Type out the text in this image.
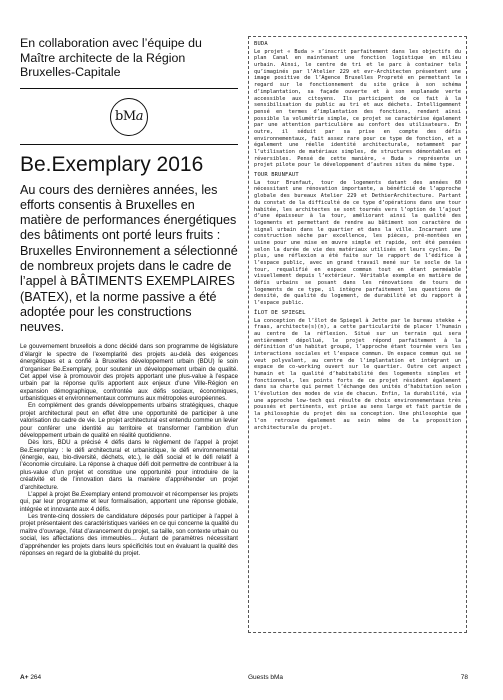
En collaboration avec l’équipe du Maître architecte de la Région Bruxelles-Capitale

b M a
Be.Exemplary 2016

Au cours des dernières années, les efforts consentis à Bruxelles en matière de performances énergétiques des bâtiments ont porté leurs fruits : Bruxelles Environnement a sélectionné de nombreux projets dans le cadre de l’appel à BÂTIMENTS EXEMPLAIRES (BATEX), et la norme passive a été adoptée pour les constructions neuves.

Le gouvernement bruxellois a donc décidé dans son programme de législature d’élargir le spectre de l’exemplarité des projets au-delà des exigences énergétiques et a confié à Bruxelles développement urbain (BDU) le soin d’organiser Be.Exemplary, pour soutenir un développement urbain de qualité. Cet appel vise à promouvoir des projets apportant une plus-value à l’espace urbain par la réponse qu’ils apportent aux enjeux d’une Ville-Région en expansion démographique, confrontée aux défis sociaux, économiques, urbanistiques et environnementaux communs aux métropoles européennes.

En complément des grands développements urbains stratégiques, chaque projet architectural peut en effet être une opportunité de participer à une valorisation du cadre de vie. Le projet architectural est entendu comme un levier pour conférer une identité au territoire et transformer l’ambition d’un développement urbain de qualité en réalité quotidienne.

Dès lors, BDU a précisé 4 défis dans le règlement de l’appel à projet Be.Exemplary : le défi architectural et urbanistique, le défi environnemental (énergie, eau, bio-diversité, déchets, etc.), le défi social et le défi relatif à l’économie circulaire. La réponse à chaque défi doit permettre de contribuer à la plus-value d’un projet et constitue une opportunité pour introduire de la créativité et de l’innovation dans la manière d’appréhender un projet d’architecture.

L’appel à projet Be.Exemplary entend promouvoir et récompenser les projets qui, par leur programme et leur formalisation, apportent une réponse globale, intégrée et innovante aux 4 défis.

Les trente-cinq dossiers de candidature déposés pour participer à l’appel à projet présentaient des caractéristiques variées en ce qui concerne la qualité du maître d’ouvrage, l’état d’avancement du projet, sa taille, son contexte urbain ou social, les affectations des immeubles… Autant de paramètres nécessitant d’appréhender les projets dans leurs spécificités tout en évaluant la qualité des réponses en regard de la globalité du projet.

BUDA

Le projet « Buda » s’inscrit parfaitement dans les objectifs du plan Canal en maintenant une fonction logistique en milieu urbain. Ainsi, le centre de tri et le parc à container tels qu’imaginés par l’Atelier 229 et evr-Architecten présentent une image positive de l’Agence Bruxelles Propreté en permettant le regard sur le fonctionnement du site grâce à son schéma d’implantation, sa façade ouverte et à son esplanade verte accessible aux citoyens. Ils participent de ce fait à la sensibilisation du public au tri et aux déchets. Intelligemment pensé en termes d’implantation des fonctions, rendant ainsi possible la volumétrie simple, ce projet se caractérise également par une attention particulière au confort des utilisateurs. En outre, il séduit par sa prise en compte des défis environnementaux, fait assez rare pour ce type de fonction, et a également une réelle identité architecturale, notamment par l’utilisation de matériaux simples, de structures démontables et réversibles. Pensé de cette manière, « Buda » représente un projet pilote pour le développement d’autres sites du même type.

TOUR BRUNFAUT

La tour Brunfaut, tour de logements datant des années 60 nécessitant une rénovation importante, a bénéficié de l’approche globale des bureaux Atelier 229 et DethierArchitecture. Partant du constat de la difficulté de ce type d’opérations dans une tour habitée, les architectes se sont tournés vers l’option de l’ajout d’une épaisseur à la tour, améliorant ainsi la qualité des logements et permettant de rendre au bâtiment son caractère de signal urbain dans le quartier et dans la ville. Incarnant une construction sèche par excellence, les pièces, pré-montées en usine pour une mise en œuvre simple et rapide, ont été pensées selon la durée de vie des matériaux utilisés et leurs cycles. De plus, une réflexion a été faite sur le rapport de l’édifice à l’espace public, avec un grand travail mené sur le socle de la tour, requalifié en espace commun tout en étant perméable visuellement depuis l’extérieur. Véritable exemple en matière de défis urbains se posant dans les rénovations de tours de logements de ce type, il intègre parfaitement les questions de densité, de qualité du logement, de durabilité et du rapport à l’espace public.

ÎLOT DE SPIEGEL

La conception de l’îlot de Spiegel à Jette par le bureau stekke + fraas, architecte(s)(n), a cette particularité de placer l’humain au centre de la réflexion. Situé sur un terrain qui sera entièrement dépollué, le projet répond parfaitement à la définition d’un habitat groupé, l’approche étant tournée vers les interactions sociales et l’espace commun. Un espace commun qui se veut polyvalent, au centre de l’implantation et intégrant un espace de co-working ouvert sur le quartier. Outre cet aspect humain et la qualité d’habitabilité des logements simples et fonctionnels, les points forts de ce projet résident également dans sa charte qui permet l’échange des unités d’habitation selon l’évolution des modes de vie de chacun. Enfin, la durabilité, via une approche low-tech qui résulte de choix environnementaux très poussés et pertinents, est prise au sens large et fait partie de la philosophie du projet dès sa conception. Une philosophie que l’on retrouve également au sein même de la proposition architecturale du projet.

A+ 264	Guests bMa	78
